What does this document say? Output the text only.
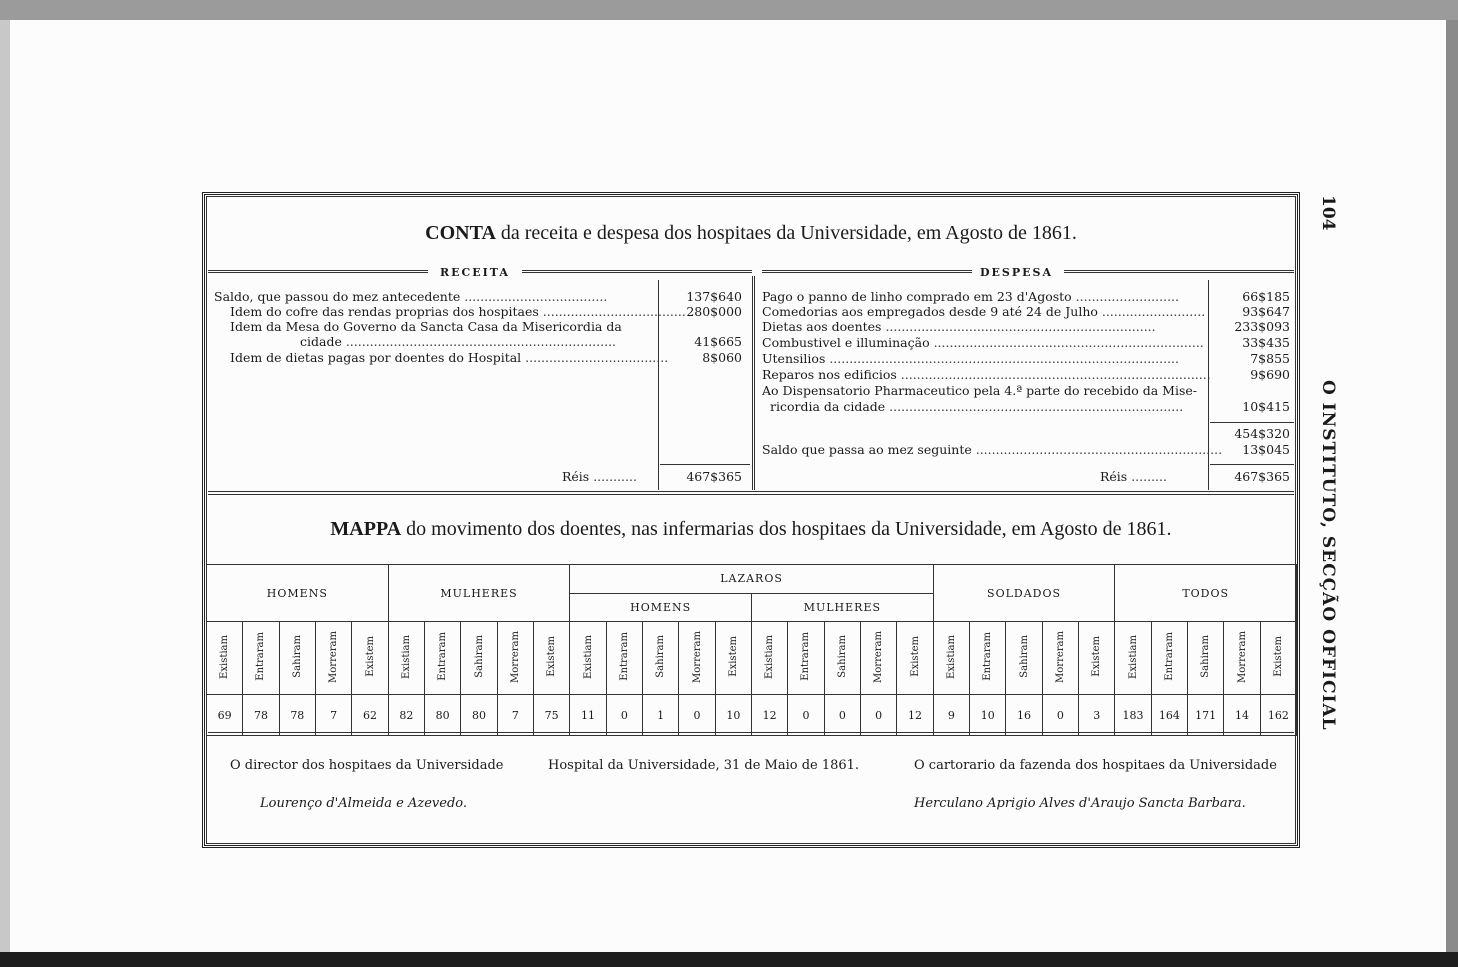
104
O INSTITUTO, SECÇÃO OFFICIAL
CONTA da receita e despesa dos hospitaes da Universidade, em Agosto de 1861.
RECEITA	DESPESA
Saldo, que passou do mez antecedente ....................................	137$640
Idem do cofre das rendas proprias dos hospitaes .................................... 280$000
Idem da Mesa do Governo da Sancta Casa da Misericordia da
cidade ....................................................................	41$665
Idem de dietas pagas por doentes do Hospital ....................................	8$060
Réis ...........	467$365
Pago o panno de linho comprado em 23 d'Agosto ..........................	66$185
Comedorias aos empregados desde 9 até 24 de Julho ..........................	93$647
Dietas aos doentes ....................................................................	233$093
Combustivel e illuminação ....................................................................	33$435
Utensilios ........................................................................................	7$855
Reparos nos edificios ..............................................................................	9$690
Ao Dispensatorio Pharmaceutico pela 4.ª parte do recebido da Mise-
ricordia da cidade ..........................................................................	10$415
454$320
Saldo que passa ao mez seguinte ..............................................................	13$045
Réis .........	467$365
MAPPA do movimento dos doentes, nas infermarias dos hospitaes da Universidade, em Agosto de 1861.
HOMENS					MULHERES					LAZAROS										SOLDADOS					TODOS				
										HOMENS					MULHERES														
Existiam	Entraram	Sahiram	Morreram	Existem	Existiam	Entraram	Sahiram	Morreram	Existem	Existiam	Entraram	Sahiram	Morreram	Existem	Existiam	Entraram	Sahiram	Morreram	Existem	Existiam	Entraram	Sahiram	Morreram	Existem	Existiam	Entraram	Sahiram	Morreram	Existem
69	78	78	7	62	82	80	80	7	75	11	0	1	0	10	12	0	0	0	12	9	10	16	0	3	183	164	171	14	162
O director dos hospitaes da Universidade	Hospital da Universidade, 31 de Maio de 1861.	O cartorario da fazenda dos hospitaes da Universidade
Lourenço d'Almeida e Azevedo.	Herculano Aprigio Alves d'Araujo Sancta Barbara.
